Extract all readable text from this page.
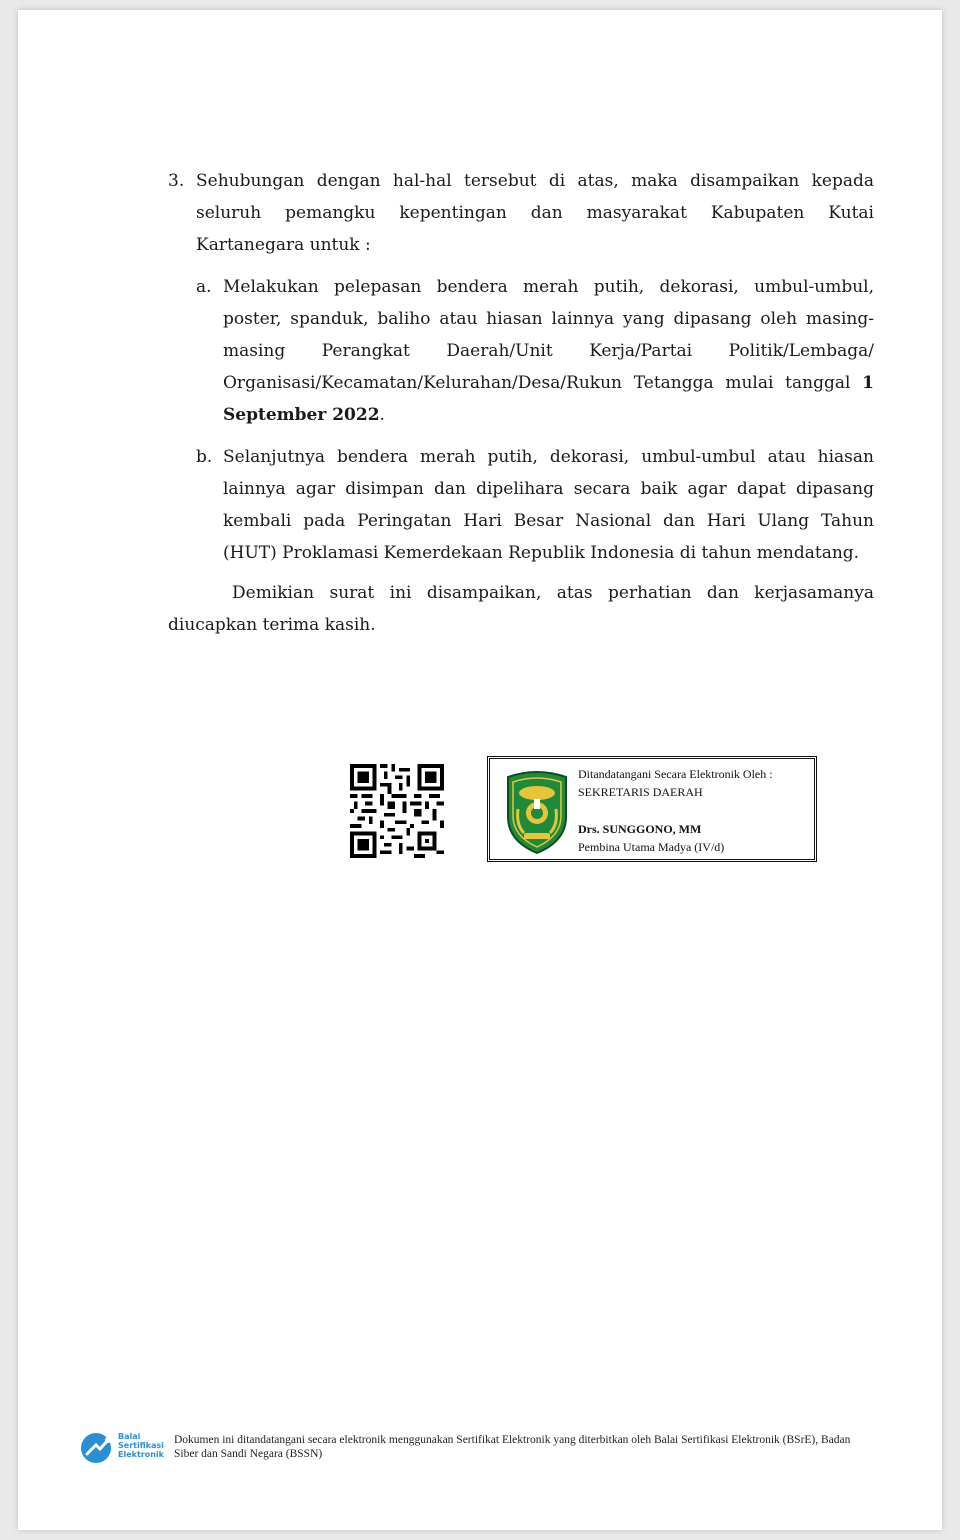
3. Sehubungan dengan hal-hal tersebut di atas, maka disampaikan kepada seluruh pemangku kepentingan dan masyarakat Kabupaten Kutai Kartanegara untuk :
a. Melakukan pelepasan bendera merah putih, dekorasi, umbul-umbul, poster, spanduk, baliho atau hiasan lainnya yang dipasang oleh masing-masing Perangkat Daerah/Unit Kerja/Partai Politik/Lembaga/ Organisasi/Kecamatan/Kelurahan/Desa/Rukun Tetangga mulai tanggal 1 September 2022.
b. Selanjutnya bendera merah putih, dekorasi, umbul-umbul atau hiasan lainnya agar disimpan dan dipelihara secara baik agar dapat dipasang kembali pada Peringatan Hari Besar Nasional dan Hari Ulang Tahun (HUT) Proklamasi Kemerdekaan Republik Indonesia di tahun mendatang.
Demikian surat ini disampaikan, atas perhatian dan kerjasamanya diucapkan terima kasih.
Ditandatangani Secara Elektronik Oleh :
SEKRETARIS DAERAH
Drs. SUNGGONO, MM
Pembina Utama Madya (IV/d)
Balai
Sertifikasi
Elektronik
Dokumen ini ditandatangani secara elektronik menggunakan Sertifikat Elektronik yang diterbitkan oleh Balai Sertifikasi Elektronik (BSrE), Badan Siber dan Sandi Negara (BSSN)
